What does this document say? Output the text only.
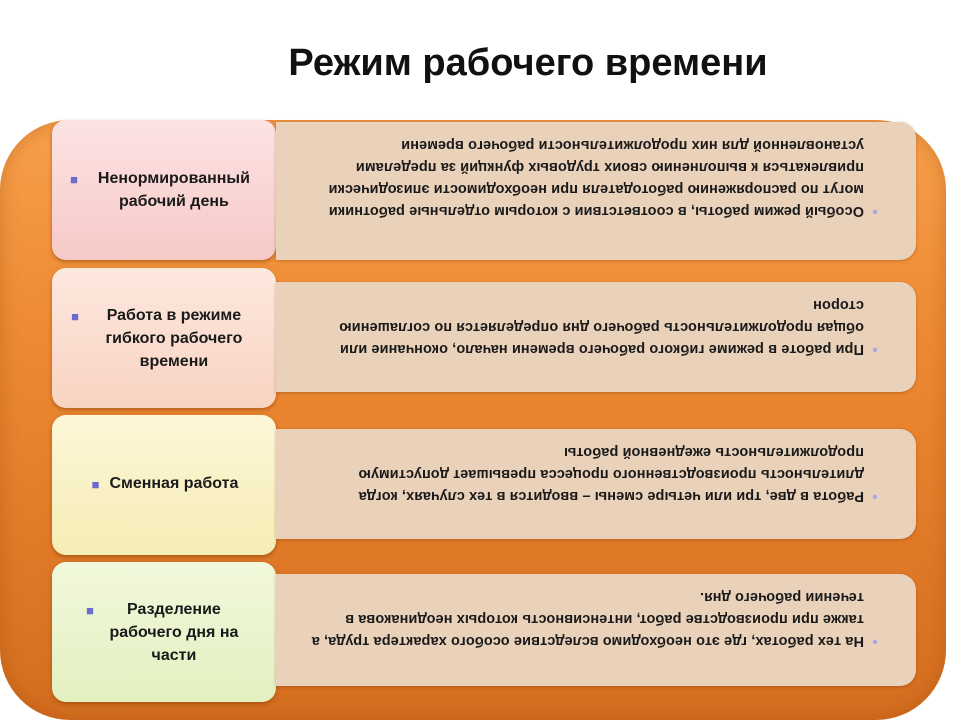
Режим рабочего времени
■	Ненормированный рабочий день
●
Особый режим работы, в соответствии с которым отдельные работники могут по распоряжению работодателя при необходимости эпизодически привлекаться к выполнению своих трудовых функций за пределами установленной для них продолжительности рабочего времени
■	Работа в режиме гибкого рабочего времени
●
При работе в режиме гибкого рабочего времени начало, окончание или общая продолжительность рабочего дня определяется по соглашению сторон
■ Сменная работа
●
Работа в две, три или четыре смены – вводится в тех случаях, когда длительность производственного процесса превышает допустимую продолжительность ежедневной работы
■	Разделение рабочего дня на части
●
На тех работах, где это необходимо вследствие особого характера труда, а также при производстве работ, интенсивность которых неодинакова в течении рабочего дня.
